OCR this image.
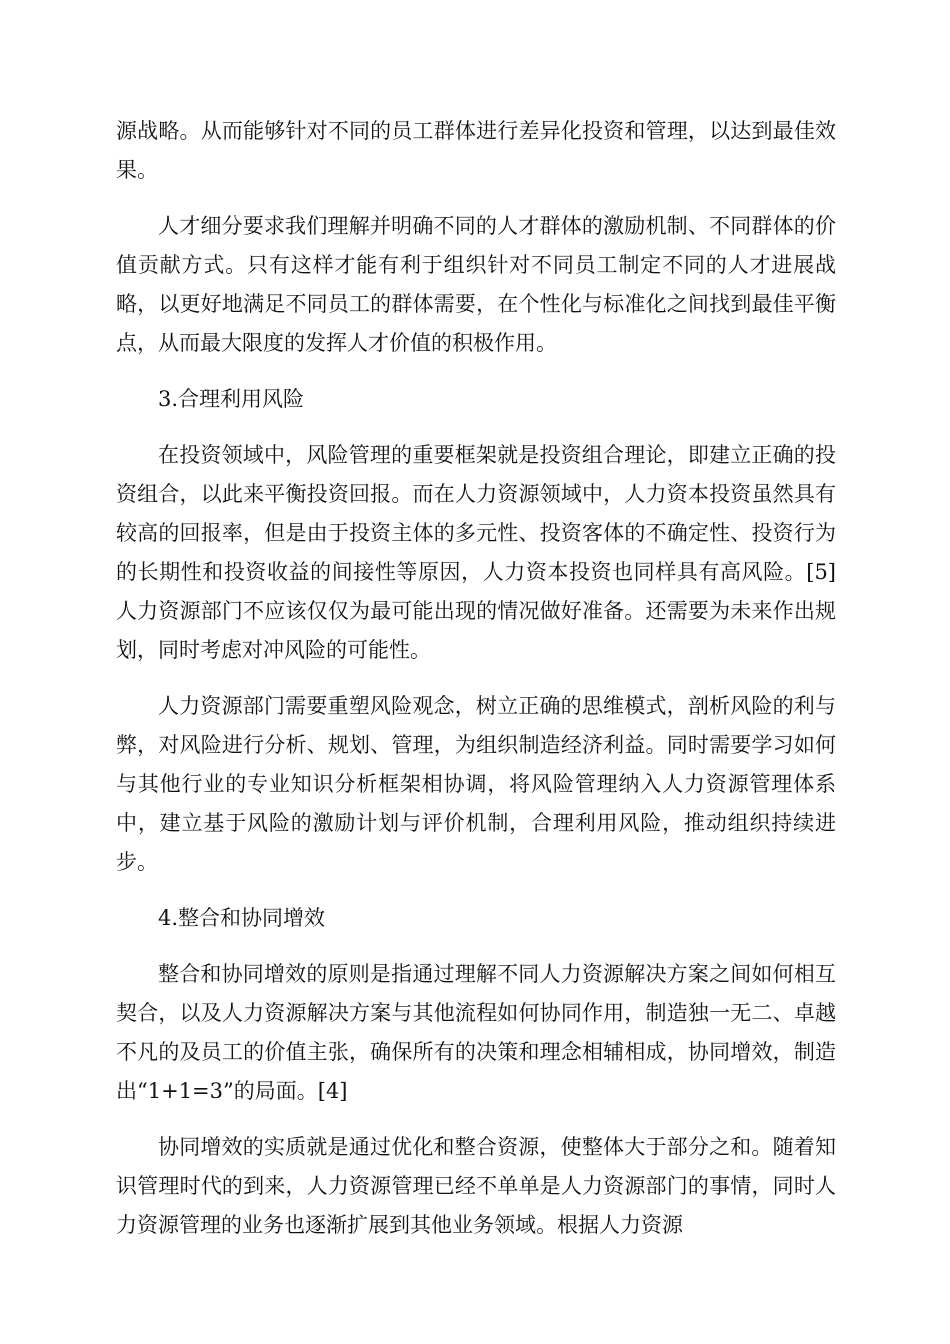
源战略。从而能够针对不同的员工群体进行差异化投资和管理，以达到最佳效果。

人才细分要求我们理解并明确不同的人才群体的激励机制、不同群体的价值贡献方式。只有这样才能有利于组织针对不同员工制定不同的人才进展战略，以更好地满足不同员工的群体需要，在个性化与标准化之间找到最佳平衡点，从而最大限度的发挥人才价值的积极作用。

3.合理利用风险

在投资领域中，风险管理的重要框架就是投资组合理论，即建立正确的投资组合，以此来平衡投资回报。而在人力资源领域中，人力资本投资虽然具有较高的回报率，但是由于投资主体的多元性、投资客体的不确定性、投资行为的长期性和投资收益的间接性等原因，人力资本投资也同样具有高风险。[5]人力资源部门不应该仅仅为最可能出现的情况做好准备。还需要为未来作出规划，同时考虑对冲风险的可能性。

人力资源部门需要重塑风险观念，树立正确的思维模式，剖析风险的利与弊，对风险进行分析、规划、管理，为组织制造经济利益。同时需要学习如何与其他行业的专业知识分析框架相协调，将风险管理纳入人力资源管理体系中，建立基于风险的激励计划与评价机制，合理利用风险，推动组织持续进步。

4.整合和协同增效

整合和协同增效的原则是指通过理解不同人力资源解决方案之间如何相互契合，以及人力资源解决方案与其他流程如何协同作用，制造独一无二、卓越不凡的及员工的价值主张，确保所有的决策和理念相辅相成，协同增效，制造出“1+1=3”的局面。[4]

协同增效的实质就是通过优化和整合资源，使整体大于部分之和。随着知识管理时代的到来，人力资源管理已经不单单是人力资源部门的事情，同时人力资源管理的业务也逐渐扩展到其他业务领域。根据人力资源
